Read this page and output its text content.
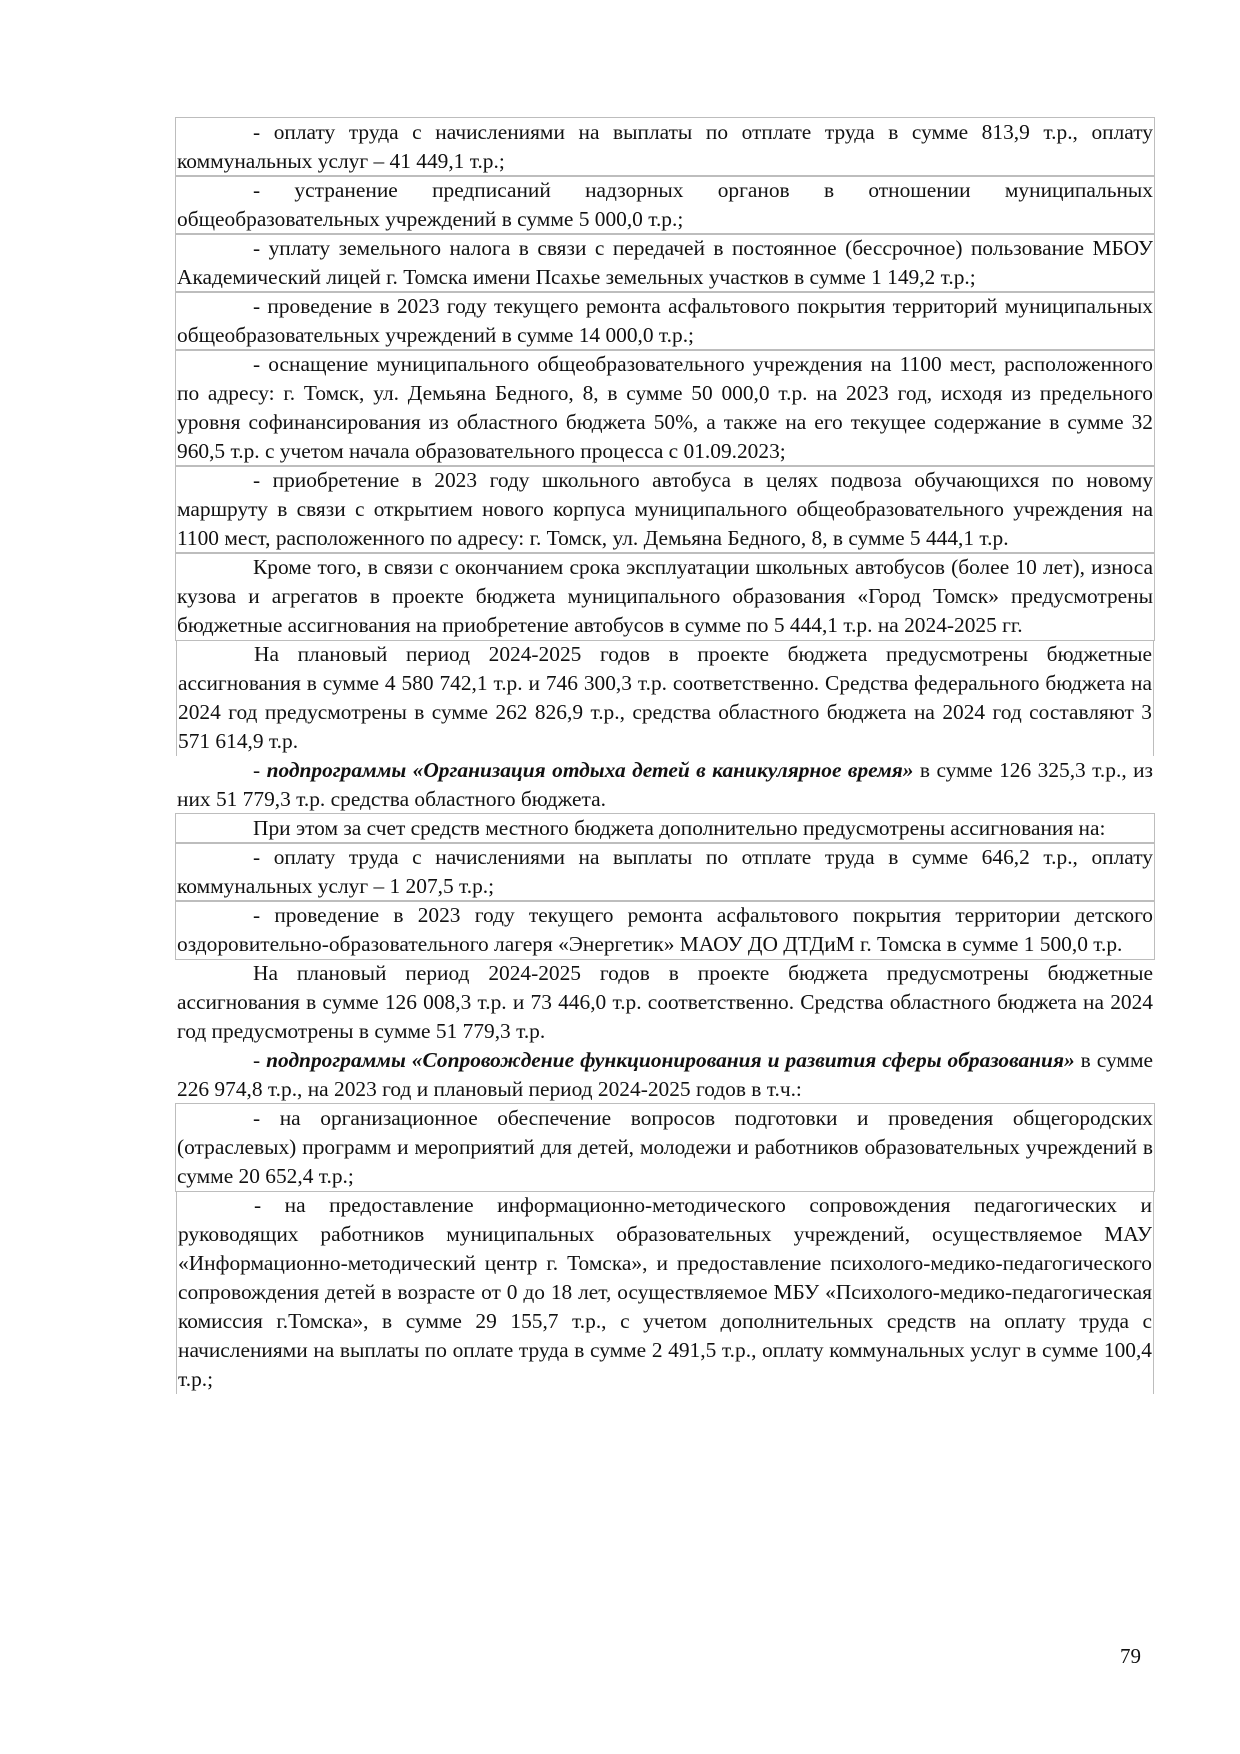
- оплату труда с начислениями на выплаты по отплате труда в сумме 813,9 т.р., оплату коммунальных услуг – 41 449,1 т.р.;

- устранение предписаний надзорных органов в отношении муниципальных общеобразовательных учреждений в сумме 5 000,0 т.р.;

- уплату земельного налога в связи с передачей в постоянное (бессрочное) пользование МБОУ Академический лицей г. Томска имени Псахье земельных участков в сумме 1 149,2 т.р.;

- проведение в 2023 году текущего ремонта асфальтового покрытия территорий муниципальных общеобразовательных учреждений в сумме 14 000,0 т.р.;

- оснащение муниципального общеобразовательного учреждения на 1100 мест, расположенного по адресу: г. Томск, ул. Демьяна Бедного, 8, в сумме 50 000,0 т.р. на 2023 год, исходя из предельного уровня софинансирования из областного бюджета 50%, а также на его текущее содержание в сумме 32 960,5 т.р. с учетом начала образовательного процесса с 01.09.2023;

- приобретение в 2023 году школьного автобуса в целях подвоза обучающихся по новому маршруту в связи с открытием нового корпуса муниципального общеобразовательного учреждения на 1100 мест, расположенного по адресу: г. Томск, ул. Демьяна Бедного, 8, в сумме 5 444,1 т.р.

Кроме того, в связи с окончанием срока эксплуатации школьных автобусов (более 10 лет), износа кузова и агрегатов в проекте бюджета муниципального образования «Город Томск» предусмотрены бюджетные ассигнования на приобретение автобусов в сумме по 5 444,1 т.р. на 2024-2025 гг.

На плановый период 2024-2025 годов в проекте бюджета предусмотрены бюджетные ассигнования в сумме 4 580 742,1 т.р. и 746 300,3 т.р. соответственно. Средства федерального бюджета на 2024 год предусмотрены в сумме 262 826,9 т.р., средства областного бюджета на 2024 год составляют 3 571 614,9 т.р.

- подпрограммы «Организация отдыха детей в каникулярное время» в сумме 126 325,3 т.р., из них 51 779,3 т.р. средства областного бюджета.

При этом за счет средств местного бюджета дополнительно предусмотрены ассигнования на:

- оплату труда с начислениями на выплаты по отплате труда в сумме 646,2 т.р., оплату коммунальных услуг – 1 207,5 т.р.;

- проведение в 2023 году текущего ремонта асфальтового покрытия территории детского оздоровительно-образовательного лагеря «Энергетик» МАОУ ДО ДТДиМ г. Томска в сумме 1 500,0 т.р.

На плановый период 2024-2025 годов в проекте бюджета предусмотрены бюджетные ассигнования в сумме 126 008,3 т.р. и 73 446,0 т.р. соответственно. Средства областного бюджета на 2024 год предусмотрены в сумме 51 779,3 т.р.

- подпрограммы «Сопровождение функционирования и развития сферы образования» в сумме 226 974,8 т.р., на 2023 год и плановый период 2024-2025 годов в т.ч.:

- на организационное обеспечение вопросов подготовки и проведения общегородских (отраслевых) программ и мероприятий для детей, молодежи и работников образовательных учреждений в сумме 20 652,4 т.р.;

- на предоставление информационно-методического сопровождения педагогических и руководящих работников муниципальных образовательных учреждений, осуществляемое МАУ «Информационно-методический центр г. Томска», и предоставление психолого-медико-педагогического сопровождения детей в возрасте от 0 до 18 лет, осуществляемое МБУ «Психолого-медико-педагогическая комиссия г.Томска», в сумме 29 155,7 т.р., с учетом дополнительных средств на оплату труда с начислениями на выплаты по оплате труда в сумме 2 491,5 т.р., оплату коммунальных услуг в сумме 100,4 т.р.;

79
